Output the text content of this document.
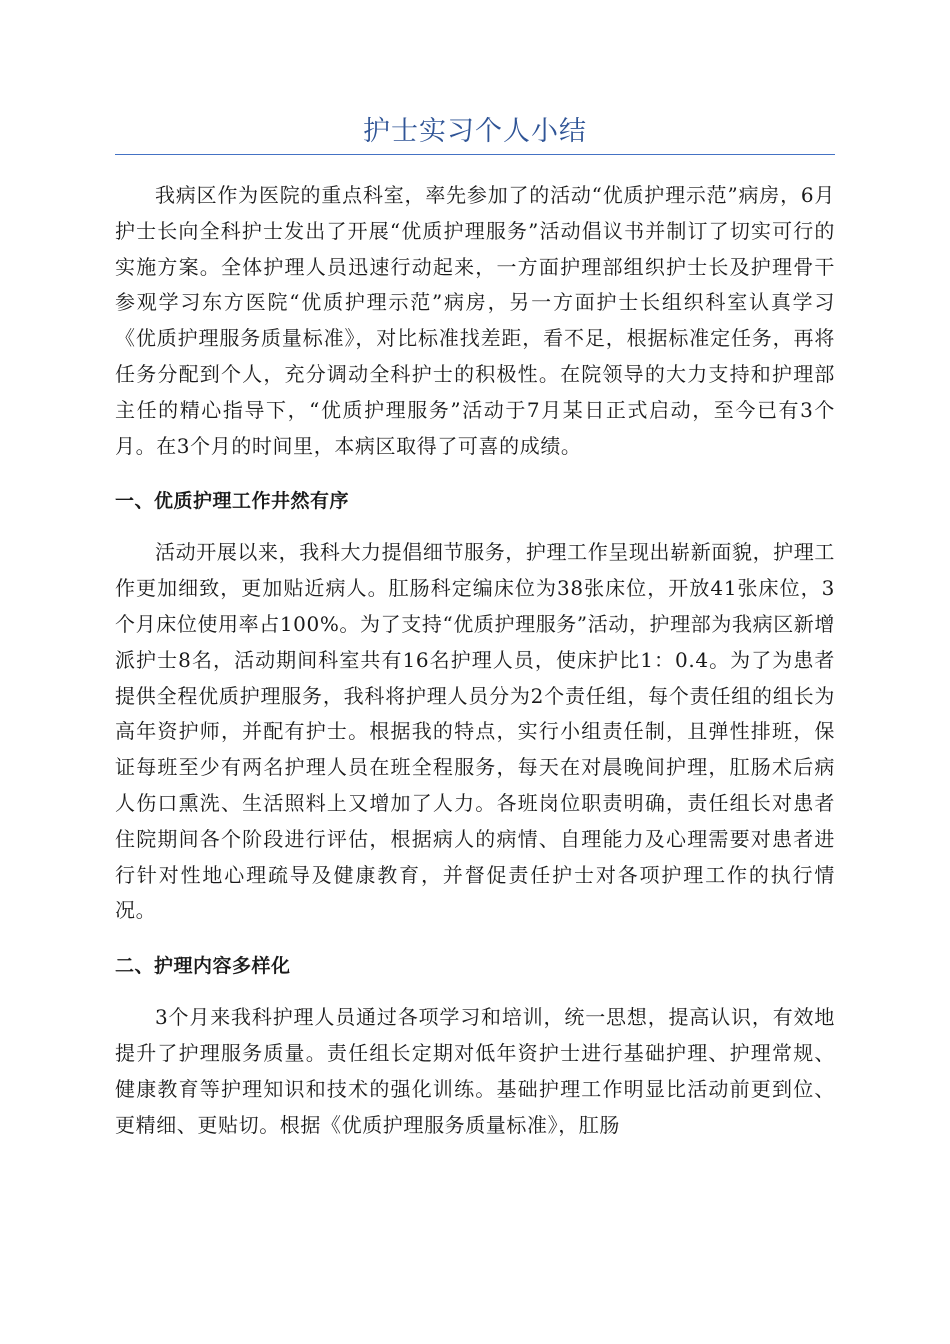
护士实习个人小结

我病区作为医院的重点科室，率先参加了的活动“优质护理示范”病房，6月护士长向全科护士发出了开展“优质护理服务”活动倡议书并制订了切实可行的实施方案。全体护理人员迅速行动起来，一方面护理部组织护士长及护理骨干参观学习东方医院“优质护理示范”病房，另一方面护士长组织科室认真学习《优质护理服务质量标准》，对比标准找差距，看不足，根据标准定任务，再将任务分配到个人，充分调动全科护士的积极性。在院领导的大力支持和护理部主任的精心指导下，“优质护理服务”活动于7月某日正式启动，至今已有3个月。在3个月的时间里，本病区取得了可喜的成绩。

一、优质护理工作井然有序

活动开展以来，我科大力提倡细节服务，护理工作呈现出崭新面貌，护理工作更加细致，更加贴近病人。肛肠科定编床位为38张床位，开放41张床位，3个月床位使用率占100%。为了支持“优质护理服务”活动，护理部为我病区新增派护士8名，活动期间科室共有16名护理人员，使床护比1：0.4。为了为患者提供全程优质护理服务，我科将护理人员分为2个责任组，每个责任组的组长为高年资护师，并配有护士。根据我的特点，实行小组责任制，且弹性排班，保证每班至少有两名护理人员在班全程服务，每天在对晨晚间护理，肛肠术后病人伤口熏洗、生活照料上又增加了人力。各班岗位职责明确，责任组长对患者住院期间各个阶段进行评估，根据病人的病情、自理能力及心理需要对患者进行针对性地心理疏导及健康教育，并督促责任护士对各项护理工作的执行情况。

二、护理内容多样化

3个月来我科护理人员通过各项学习和培训，统一思想，提高认识，有效地提升了护理服务质量。责任组长定期对低年资护士进行基础护理、护理常规、健康教育等护理知识和技术的强化训练。基础护理工作明显比活动前更到位、更精细、更贴切。根据《优质护理服务质量标准》，肛肠
